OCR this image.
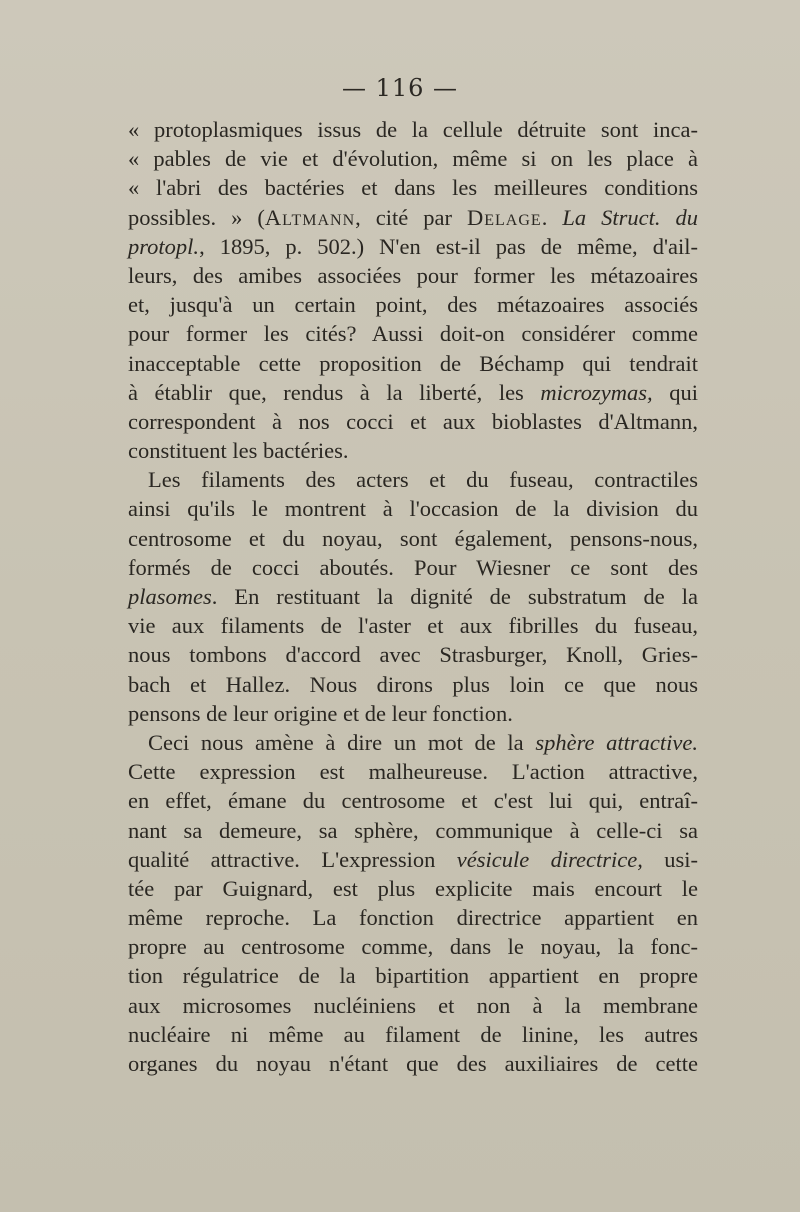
— 116 —
« protoplasmiques issus de la cellule détruite sont inca-
« pables de vie et d'évolution, même si on les place à
« l'abri des bactéries et dans les meilleures conditions
possibles. » (Altmann, cité par Delage. La Struct. du
protopl., 1895, p. 502.) N'en est-il pas de même, d'ail-
leurs, des amibes associées pour former les métazoaires
et, jusqu'à un certain point, des métazoaires associés
pour former les cités? Aussi doit-on considérer comme
inacceptable cette proposition de Béchamp qui tendrait
à établir que, rendus à la liberté, les microzymas, qui
correspondent à nos cocci et aux bioblastes d'Altmann,
constituent les bactéries.
Les filaments des acters et du fuseau, contractiles
ainsi qu'ils le montrent à l'occasion de la division du
centrosome et du noyau, sont également, pensons-nous,
formés de cocci aboutés. Pour Wiesner ce sont des
plasomes. En restituant la dignité de substratum de la
vie aux filaments de l'aster et aux fibrilles du fuseau,
nous tombons d'accord avec Strasburger, Knoll, Gries-
bach et Hallez. Nous dirons plus loin ce que nous
pensons de leur origine et de leur fonction.
Ceci nous amène à dire un mot de la sphère attractive.
Cette expression est malheureuse. L'action attractive,
en effet, émane du centrosome et c'est lui qui, entraî-
nant sa demeure, sa sphère, communique à celle-ci sa
qualité attractive. L'expression vésicule directrice, usi-
tée par Guignard, est plus explicite mais encourt le
même reproche. La fonction directrice appartient en
propre au centrosome comme, dans le noyau, la fonc-
tion régulatrice de la bipartition appartient en propre
aux microsomes nucléiniens et non à la membrane
nucléaire ni même au filament de linine, les autres
organes du noyau n'étant que des auxiliaires de cette
